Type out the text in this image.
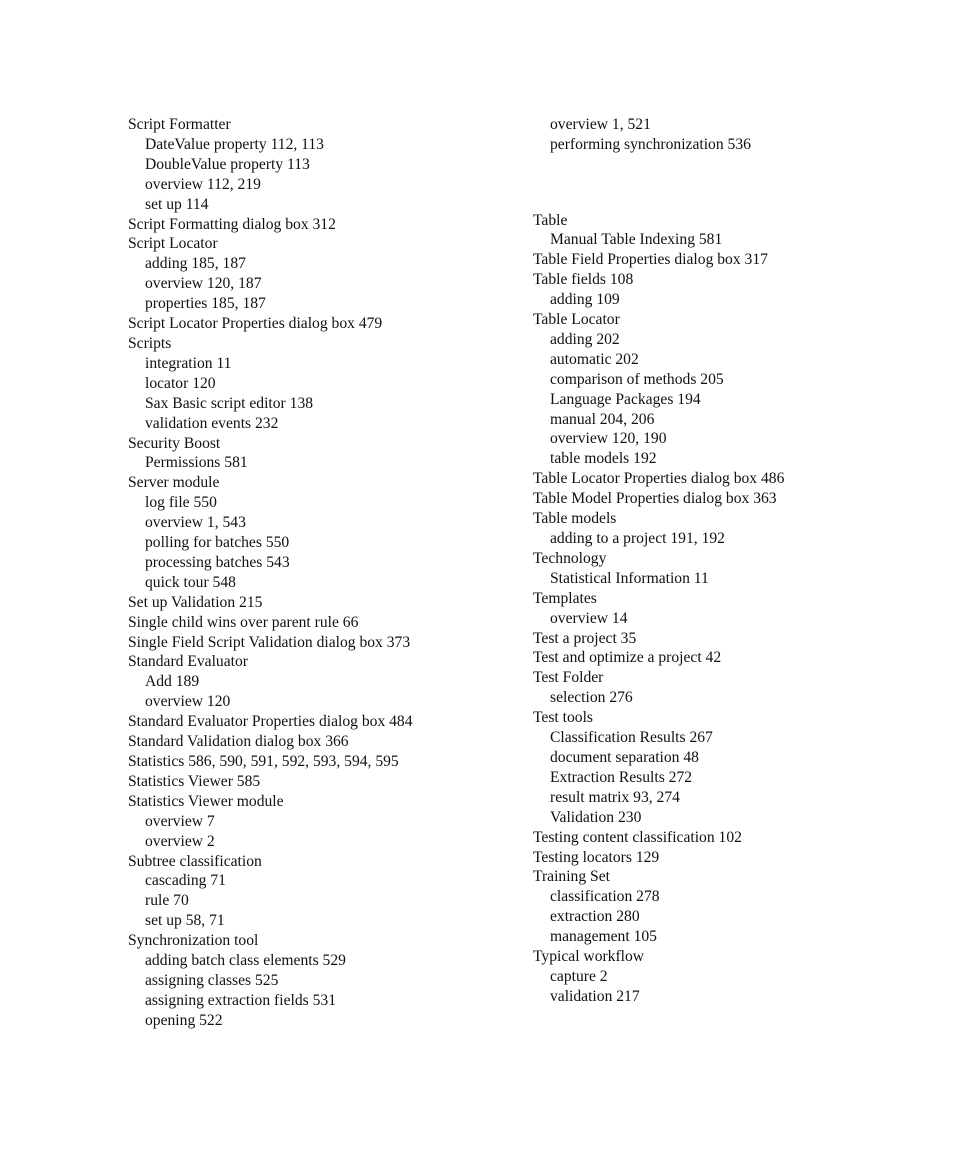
Script Formatter
DateValue property 112, 113
DoubleValue property 113
overview 112, 219
set up 114
Script Formatting dialog box 312
Script Locator
adding 185, 187
overview 120, 187
properties 185, 187
Script Locator Properties dialog box 479
Scripts
integration 11
locator 120
Sax Basic script editor 138
validation events 232
Security Boost
Permissions 581
Server module
log file 550
overview 1, 543
polling for batches 550
processing batches 543
quick tour 548
Set up Validation 215
Single child wins over parent rule 66
Single Field Script Validation dialog box 373
Standard Evaluator
Add 189
overview 120
Standard Evaluator Properties dialog box 484
Standard Validation dialog box 366
Statistics 586, 590, 591, 592, 593, 594, 595
Statistics Viewer 585
Statistics Viewer module
overview 7
overview 2
Subtree classification
cascading 71
rule 70
set up 58, 71
Synchronization tool
adding batch class elements 529
assigning classes 525
assigning extraction fields 531
opening 522
overview 1, 521
performing synchronization 536
Table
Manual Table Indexing 581
Table Field Properties dialog box 317
Table fields 108
adding 109
Table Locator
adding 202
automatic 202
comparison of methods 205
Language Packages 194
manual 204, 206
overview 120, 190
table models 192
Table Locator Properties dialog box 486
Table Model Properties dialog box 363
Table models
adding to a project 191, 192
Technology
Statistical Information 11
Templates
overview 14
Test a project 35
Test and optimize a project 42
Test Folder
selection 276
Test tools
Classification Results 267
document separation 48
Extraction Results 272
result matrix 93, 274
Validation 230
Testing content classification 102
Testing locators 129
Training Set
classification 278
extraction 280
management 105
Typical workflow
capture 2
validation 217
